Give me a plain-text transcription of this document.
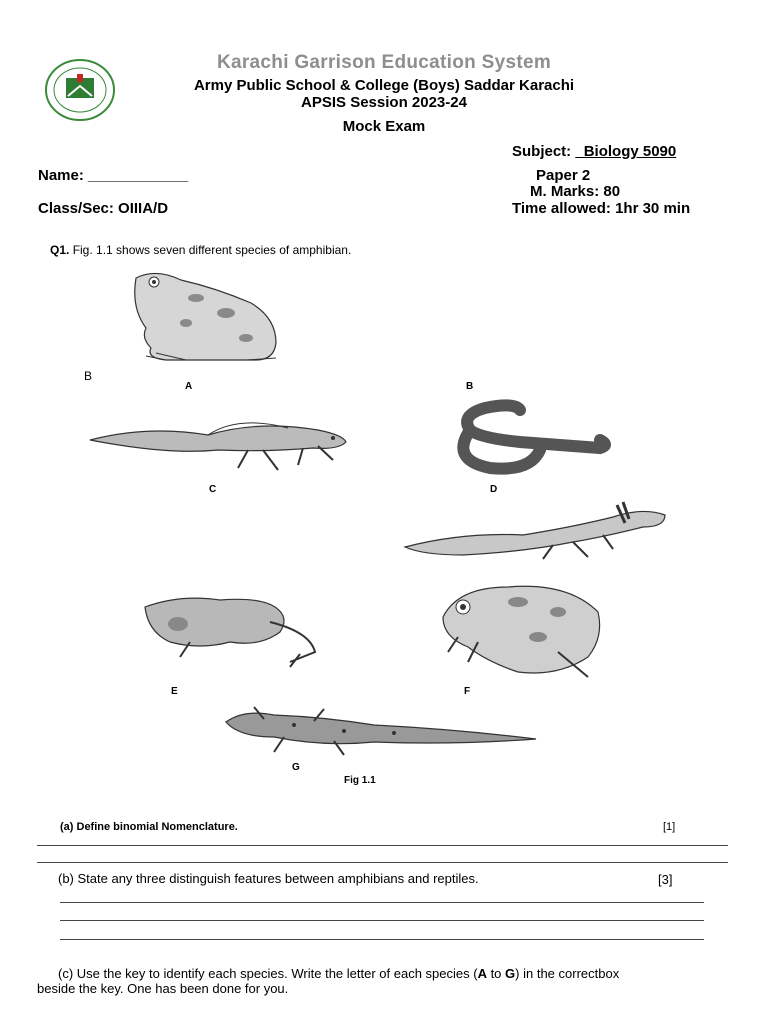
Karachi Garrison Education System
Army Public School & College (Boys) Saddar Karachi
APSIS Session 2023-24
Mock Exam
Subject: _Biology 5090
Name: ____________	Paper 2
M. Marks: 80
Class/Sec: OIIIA/D	Time allowed: 1hr 30 min
Q1. Fig. 1.1 shows seven different species of amphibian.
B
A	B
C	D
E	F
G
Fig 1.1
(a) Define binomial Nomenclature.	[1]
(b) State any three distinguish features between amphibians and reptiles.	[3]
(c) Use the key to identify each species. Write the letter of each species (A to G) in the correctbox
beside the key. One has been done for you.
